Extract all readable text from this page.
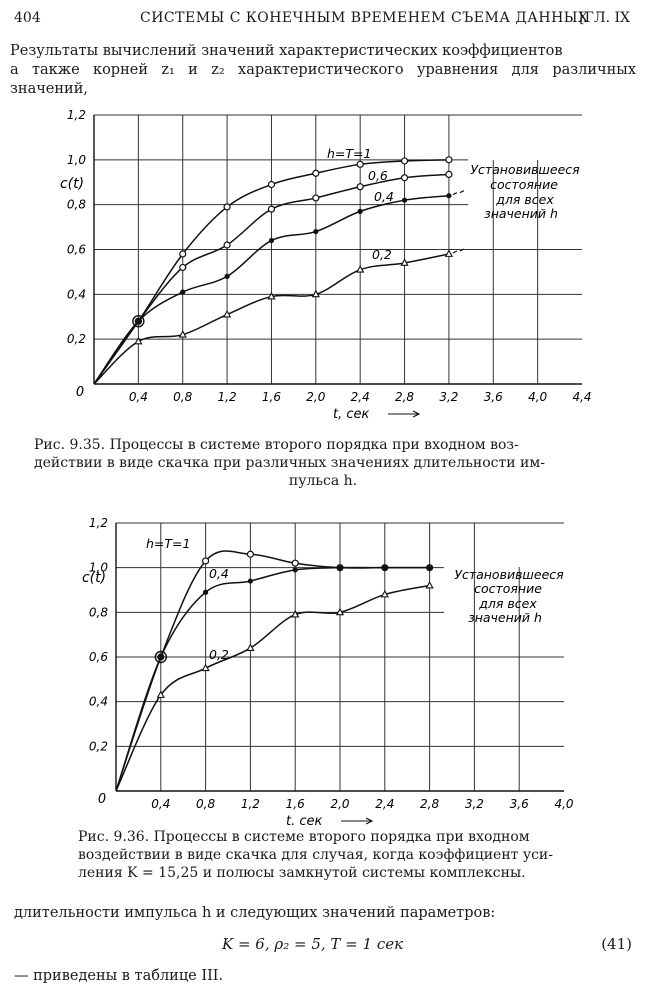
404	СИСТЕМЫ С КОНЕЧНЫМ ВРЕМЕНЕМ СЪЕМА ДАННЫХ
[ГЛ. IX

Результаты вычислений значений характеристических коэффициентов

а также корней z₁ и z₂ характеристического уравнения для различных значений,

0,4 0,8 1,2 1,6 2,0 2,4 2,8 3,2 3,6 4,0 4,4
0,2
0,4
0,6
0,8
1,0
1,2
0
c(t)
t, сек
Установившееся
состояние
для всех
значений h
h=T=1
0,6
0,4
0,2
Рис. 9.35. Процессы в системе второго порядка при входном воз-
действии в виде скачка при различных значениях длительности им-

пульса h.
0,4 0,8 1,2 1,6 2,0 2,4 2,8 3,2 3,6 4,0
0,2
0,4
0,6
0,8
1,0
1,2
0
c(t)
t. сек
Установившееся
состояние
для всех
значений h
h=T=1
0,4
0,2
Рис. 9.36. Процессы в системе второго порядка при входном
воздействии в виде скачка для случая, когда коэффициент уси-
ления K = 15,25 и полюсы замкнутой системы комплексны.
длительности импульса h и следующих значений параметров:
K = 6, ρ₂ = 5, T = 1 сек	(41)
— приведены в таблице III.
